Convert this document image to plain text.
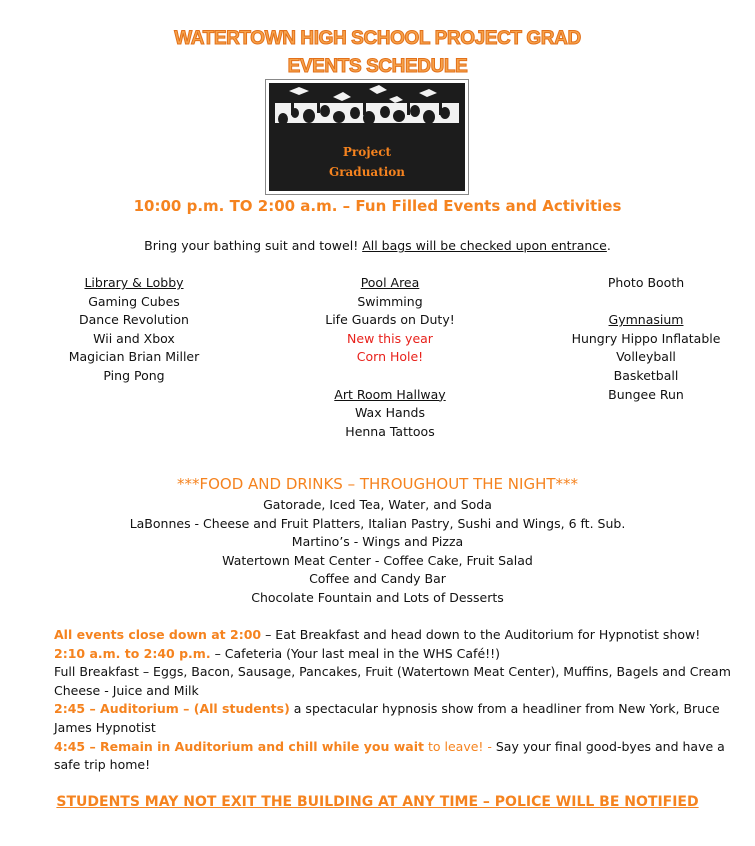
WATERTOWN HIGH SCHOOL PROJECT GRAD
EVENTS SCHEDULE
Project
Graduation
10:00 p.m. TO 2:00 a.m. – Fun Filled Events and Activities
Bring your bathing suit and towel! All bags will be checked upon entrance.
Library & Lobby
Gaming Cubes
Dance Revolution
Wii and Xbox
Magician Brian Miller
Ping Pong
Pool Area
Swimming
Life Guards on Duty!
New this year
Corn Hole!
Art Room Hallway
Wax Hands
Henna Tattoos
Photo Booth
Gymnasium
Hungry Hippo Inflatable
Volleyball
Basketball
Bungee Run
***FOOD AND DRINKS – THROUGHOUT THE NIGHT***
Gatorade, Iced Tea, Water, and Soda
LaBonnes - Cheese and Fruit Platters, Italian Pastry, Sushi and Wings, 6 ft. Sub.
Martino’s - Wings and Pizza
Watertown Meat Center - Coffee Cake, Fruit Salad
Coffee and Candy Bar
Chocolate Fountain and Lots of Desserts
All events close down at 2:00 – Eat Breakfast and head down to the Auditorium for Hypnotist show!
2:10 a.m. to 2:40 p.m. – Cafeteria (Your last meal in the WHS Café!!)
Full Breakfast – Eggs, Bacon, Sausage, Pancakes, Fruit (Watertown Meat Center), Muffins, Bagels and Cream Cheese - Juice and Milk
2:45 – Auditorium – (All students) a spectacular hypnosis show from a headliner from New York, Bruce James Hypnotist
4:45 – Remain in Auditorium and chill while you wait to leave! - Say your final good-byes and have a safe trip home!
STUDENTS MAY NOT EXIT THE BUILDING AT ANY TIME – POLICE WILL BE NOTIFIED
